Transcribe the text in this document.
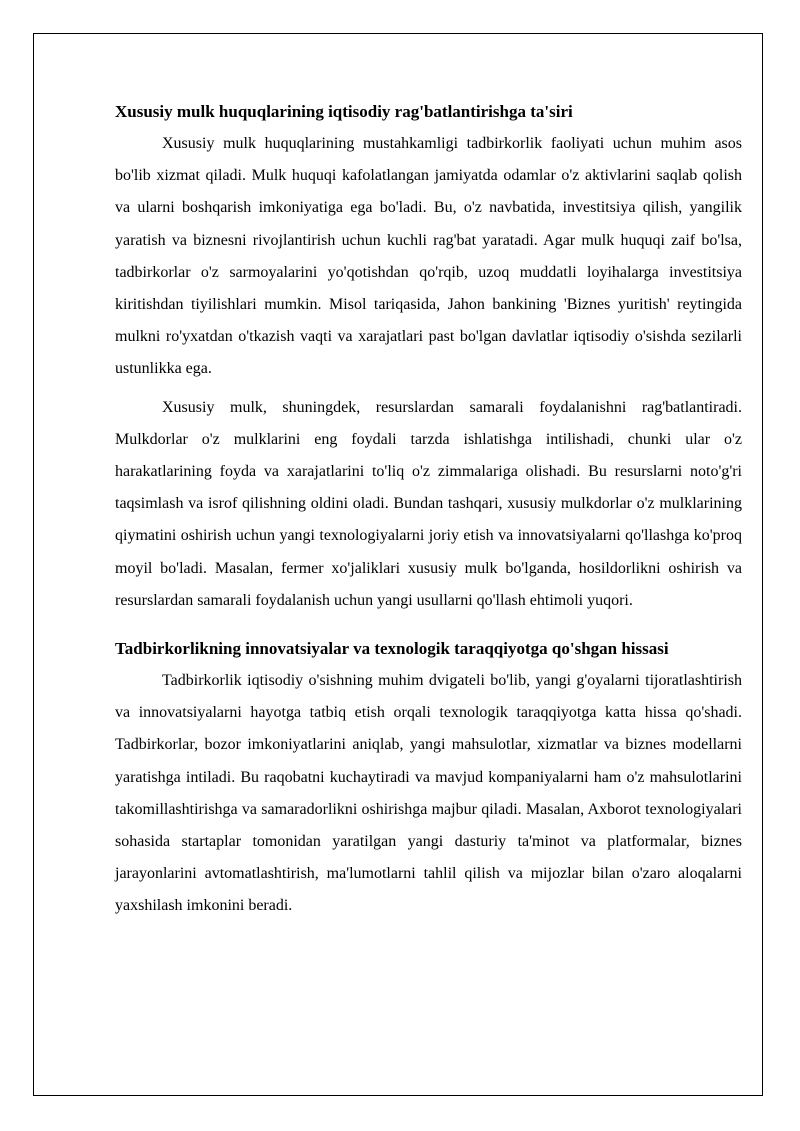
Xususiy mulk huquqlarining iqtisodiy rag'batlantirishga ta'siri

Xususiy mulk huquqlarining mustahkamligi tadbirkorlik faoliyati uchun muhim asos bo'lib xizmat qiladi. Mulk huquqi kafolatlangan jamiyatda odamlar o'z aktivlarini saqlab qolish va ularni boshqarish imkoniyatiga ega bo'ladi. Bu, o'z navbatida, investitsiya qilish, yangilik yaratish va biznesni rivojlantirish uchun kuchli rag'bat yaratadi. Agar mulk huquqi zaif bo'lsa, tadbirkorlar o'z sarmoyalarini yo'qotishdan qo'rqib, uzoq muddatli loyihalarga investitsiya kiritishdan tiyilishlari mumkin. Misol tariqasida, Jahon bankining 'Biznes yuritish' reytingida mulkni ro'yxatdan o'tkazish vaqti va xarajatlari past bo'lgan davlatlar iqtisodiy o'sishda sezilarli ustunlikka ega.

Xususiy mulk, shuningdek, resurslardan samarali foydalanishni rag'batlantiradi. Mulkdorlar o'z mulklarini eng foydali tarzda ishlatishga intilishadi, chunki ular o'z harakatlarining foyda va xarajatlarini to'liq o'z zimmalariga olishadi. Bu resurslarni noto'g'ri taqsimlash va isrof qilishning oldini oladi. Bundan tashqari, xususiy mulkdorlar o'z mulklarining qiymatini oshirish uchun yangi texnologiyalarni joriy etish va innovatsiyalarni qo'llashga ko'proq moyil bo'ladi. Masalan, fermer xo'jaliklari xususiy mulk bo'lganda, hosildorlikni oshirish va resurslardan samarali foydalanish uchun yangi usullarni qo'llash ehtimoli yuqori.

Tadbirkorlikning innovatsiyalar va texnologik taraqqiyotga qo'shgan hissasi

Tadbirkorlik iqtisodiy o'sishning muhim dvigateli bo'lib, yangi g'oyalarni tijoratlashtirish va innovatsiyalarni hayotga tatbiq etish orqali texnologik taraqqiyotga katta hissa qo'shadi. Tadbirkorlar, bozor imkoniyatlarini aniqlab, yangi mahsulotlar, xizmatlar va biznes modellarni yaratishga intiladi. Bu raqobatni kuchaytiradi va mavjud kompaniyalarni ham o'z mahsulotlarini takomillashtirishga va samaradorlikni oshirishga majbur qiladi. Masalan, Axborot texnologiyalari sohasida startaplar tomonidan yaratilgan yangi dasturiy ta'minot va platformalar, biznes jarayonlarini avtomatlashtirish, ma'lumotlarni tahlil qilish va mijozlar bilan o'zaro aloqalarni yaxshilash imkonini beradi.
